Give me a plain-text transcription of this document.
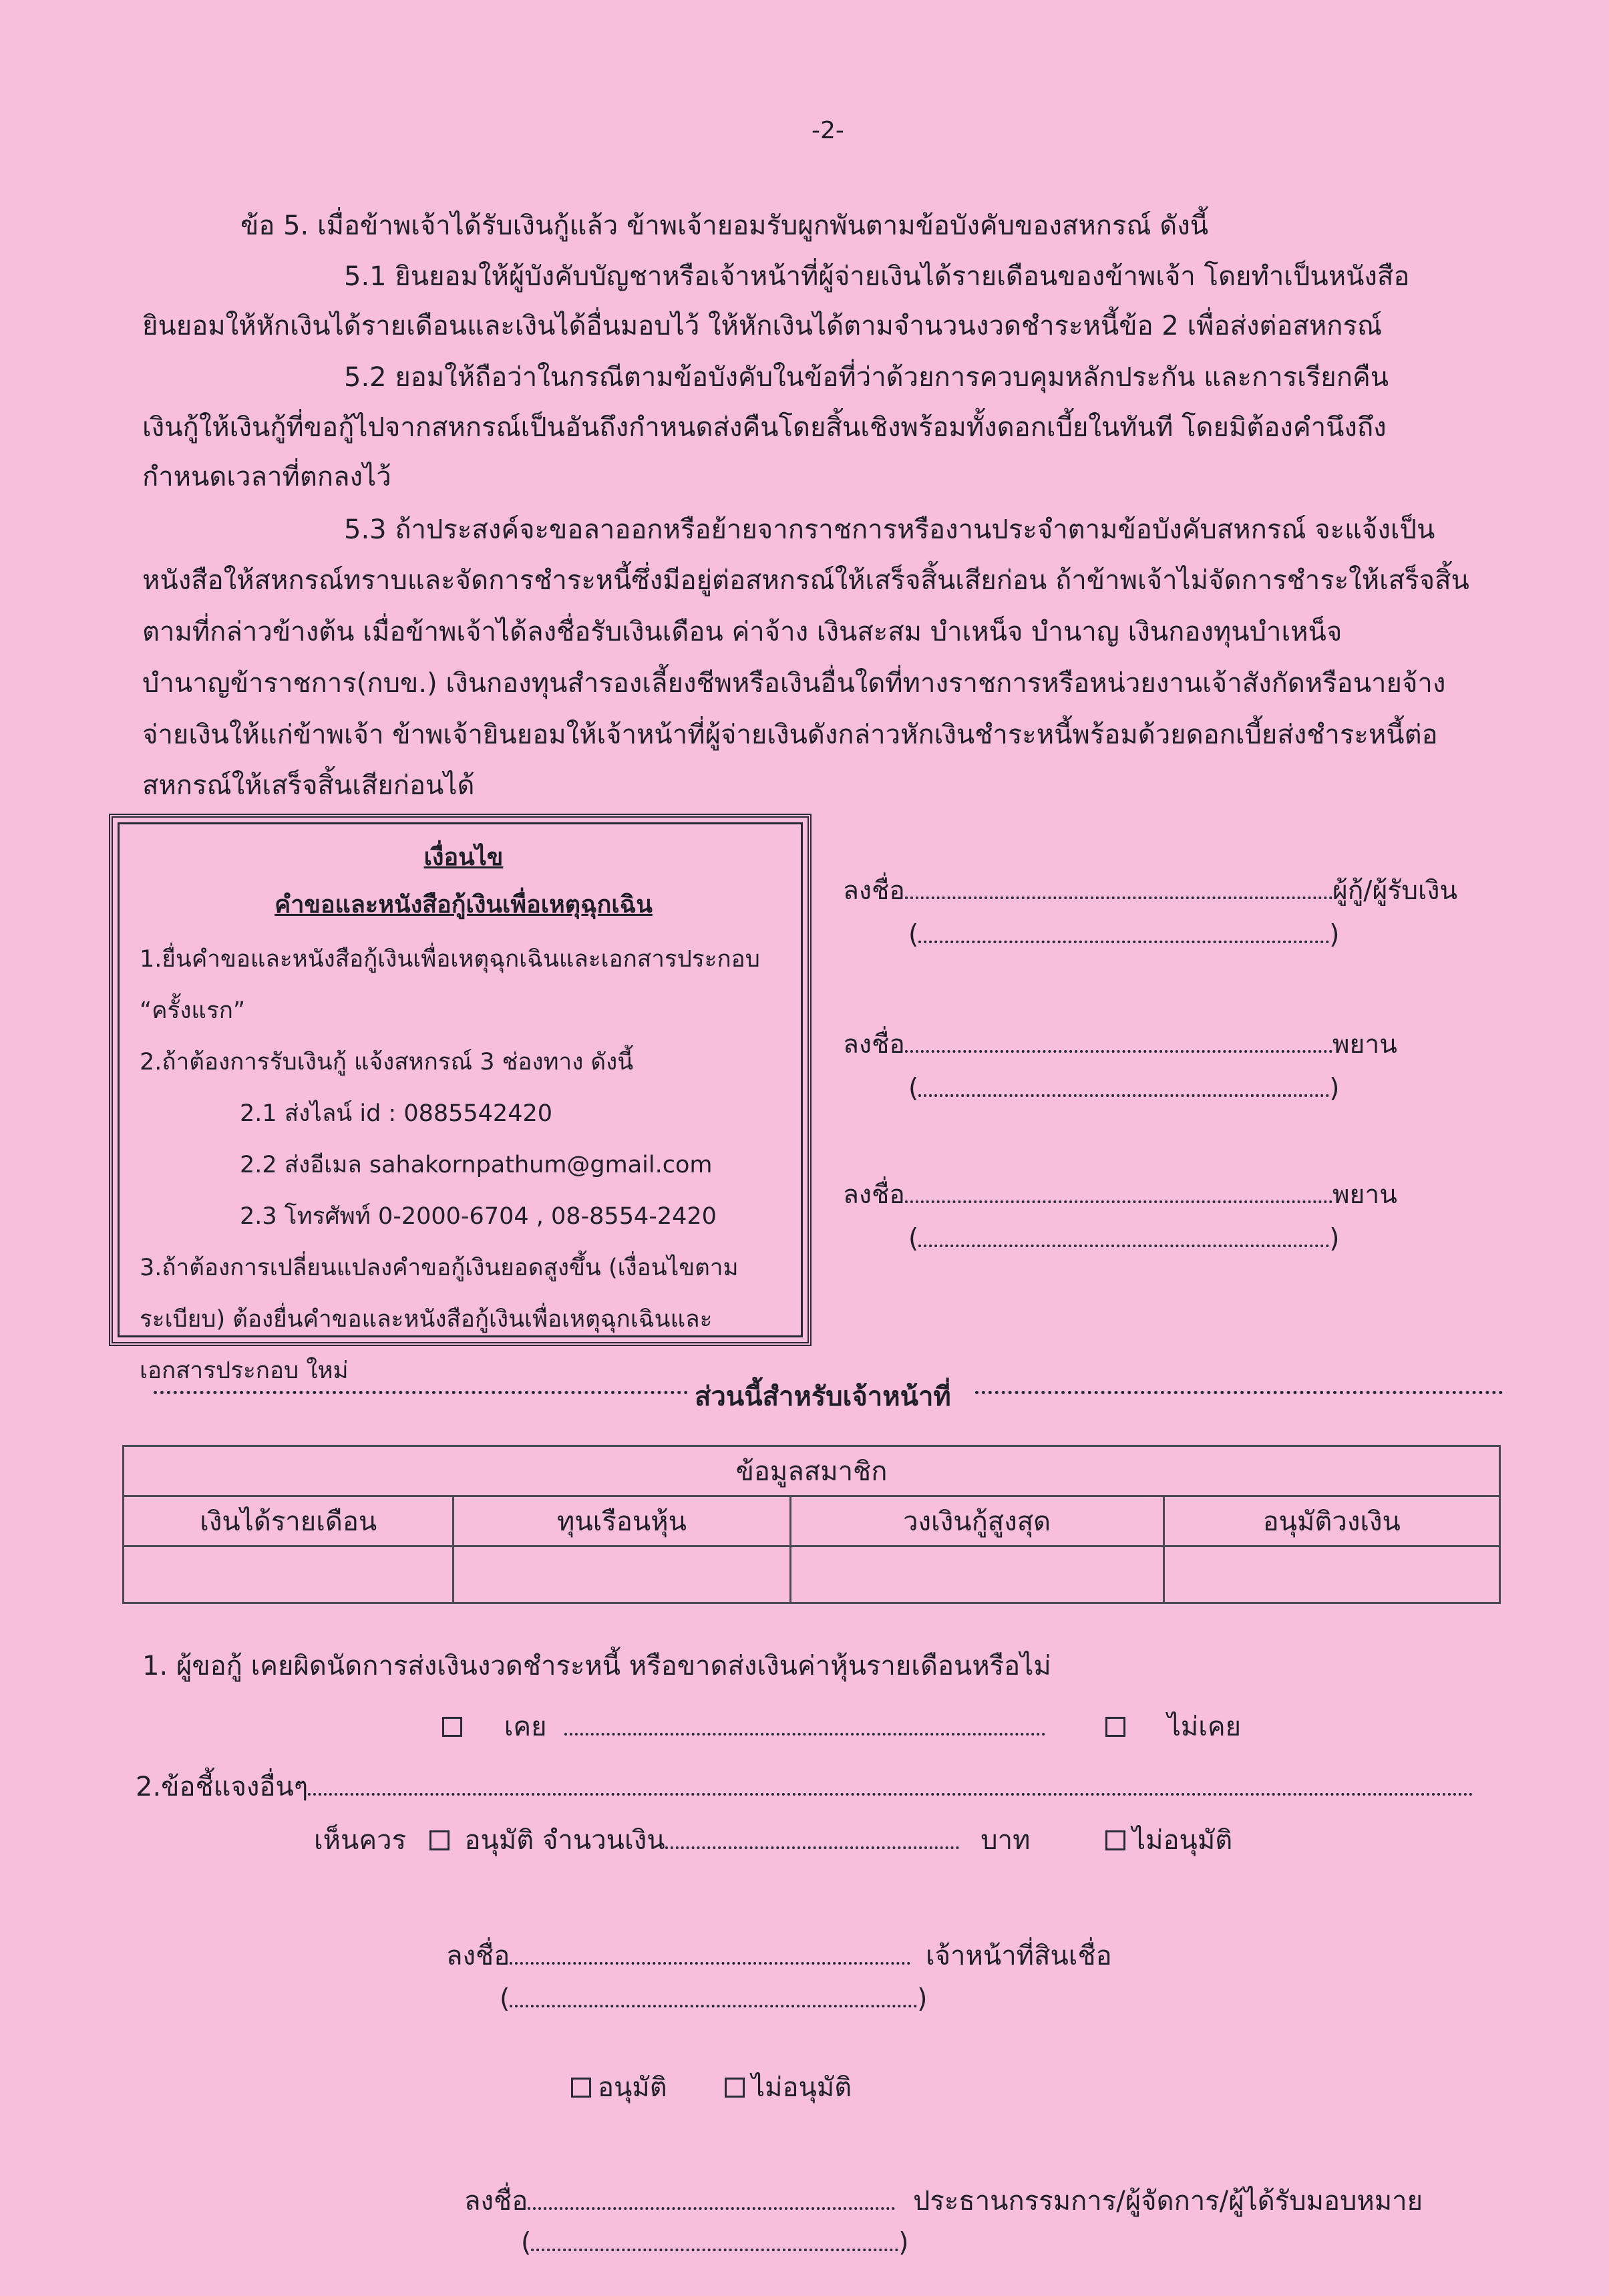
-2-
ข้อ 5. เมื่อข้าพเจ้าได้รับเงินกู้แล้ว ข้าพเจ้ายอมรับผูกพันตามข้อบังคับของสหกรณ์ ดังนี้
5.1 ยินยอมให้ผู้บังคับบัญชาหรือเจ้าหน้าที่ผู้จ่ายเงินได้รายเดือนของข้าพเจ้า โดยทำเป็นหนังสือ
ยินยอมให้หักเงินได้รายเดือนและเงินได้อื่นมอบไว้ ให้หักเงินได้ตามจำนวนงวดชำระหนี้ข้อ 2 เพื่อส่งต่อสหกรณ์
5.2 ยอมให้ถือว่าในกรณีตามข้อบังคับในข้อที่ว่าด้วยการควบคุมหลักประกัน และการเรียกคืน
เงินกู้ให้เงินกู้ที่ขอกู้ไปจากสหกรณ์เป็นอันถึงกำหนดส่งคืนโดยสิ้นเชิงพร้อมทั้งดอกเบี้ยในทันที โดยมิต้องคำนึงถึง
กำหนดเวลาที่ตกลงไว้
5.3 ถ้าประสงค์จะขอลาออกหรือย้ายจากราชการหรืองานประจำตามข้อบังคับสหกรณ์ จะแจ้งเป็น
หนังสือให้สหกรณ์ทราบและจัดการชำระหนี้ซึ่งมีอยู่ต่อสหกรณ์ให้เสร็จสิ้นเสียก่อน ถ้าข้าพเจ้าไม่จัดการชำระให้เสร็จสิ้น
ตามที่กล่าวข้างต้น เมื่อข้าพเจ้าได้ลงชื่อรับเงินเดือน ค่าจ้าง เงินสะสม บำเหน็จ บำนาญ เงินกองทุนบำเหน็จ
บำนาญข้าราชการ(กบข.) เงินกองทุนสำรองเลี้ยงชีพหรือเงินอื่นใดที่ทางราชการหรือหน่วยงานเจ้าสังกัดหรือนายจ้าง
จ่ายเงินให้แก่ข้าพเจ้า ข้าพเจ้ายินยอมให้เจ้าหน้าที่ผู้จ่ายเงินดังกล่าวหักเงินชำระหนี้พร้อมด้วยดอกเบี้ยส่งชำระหนี้ต่อ
สหกรณ์ให้เสร็จสิ้นเสียก่อนได้
เงื่อนไข
คำขอและหนังสือกู้เงินเพื่อเหตุฉุกเฉิน
1.ยื่นคำขอและหนังสือกู้เงินเพื่อเหตุฉุกเฉินและเอกสารประกอบ
“ครั้งแรก”
2.ถ้าต้องการรับเงินกู้ แจ้งสหกรณ์ 3 ช่องทาง ดังนี้
2.1 ส่งไลน์ id : 0885542420
2.2 ส่งอีเมล sahakornpathum@gmail.com
2.3 โทรศัพท์ 0-2000-6704 , 08-8554-2420
3.ถ้าต้องการเปลี่ยนแปลงคำขอกู้เงินยอดสูงขึ้น (เงื่อนไขตาม
ระเบียบ) ต้องยื่นคำขอและหนังสือกู้เงินเพื่อเหตุฉุกเฉินและ
เอกสารประกอบ ใหม่
ลงชื่อ	ผู้กู้/ผู้รับเงิน
(	)
ลงชื่อ	พยาน
(	)
ลงชื่อ	พยาน
(	)
ส่วนนี้สำหรับเจ้าหน้าที่
ข้อมูลสมาชิก			
เงินได้รายเดือน	ทุนเรือนหุ้น	วงเงินกู้สูงสุด	อนุมัติวงเงิน

1. ผู้ขอกู้ เคยผิดนัดการส่งเงินงวดชำระหนี้ หรือขาดส่งเงินค่าหุ้นรายเดือนหรือไม่
เคย	ไม่เคย
2.ข้อชี้แจงอื่นๆ
เห็นควร อนุมัติ จำนวนเงิน	บาท	ไม่อนุมัติ
ลงชื่อ	เจ้าหน้าที่สินเชื่อ
(	)
อนุมัติ	ไม่อนุมัติ
ลงชื่อ	ประธานกรรมการ/ผู้จัดการ/ผู้ได้รับมอบหมาย
(	)
